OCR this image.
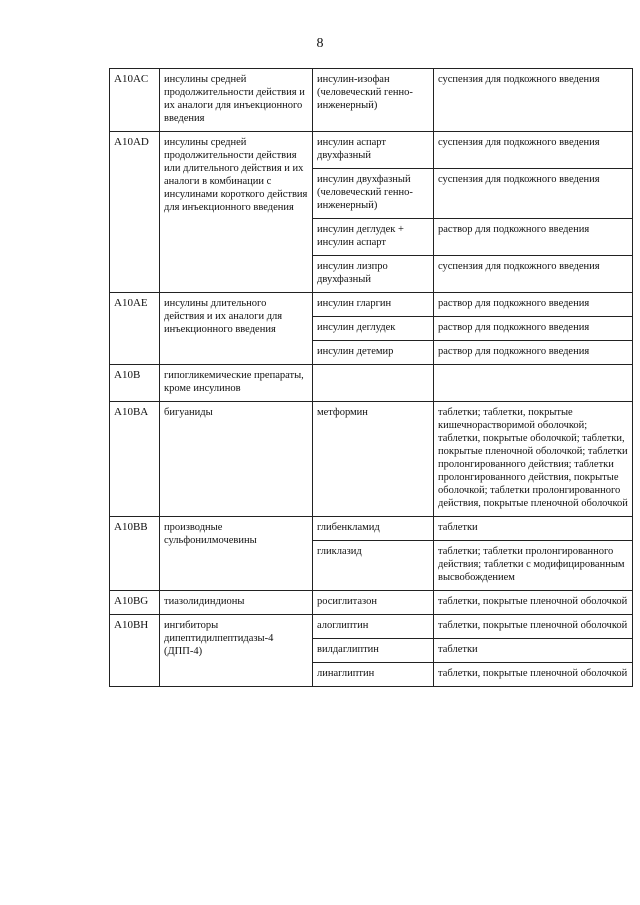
8
A10AC	инсулины средней продолжительности действия и их аналоги для инъекционного введения	инсулин-изофан (человеческий генно-инженерный)	суспензия для подкожного введения
A10AD	инсулины средней продолжительности действия или длительного действия и их аналоги в комбинации с инсулинами короткого действия для инъекционного введения	инсулин аспарт двухфазный	суспензия для подкожного введения
		инсулин двухфазный (человеческий генно-инженерный)	суспензия для подкожного введения
		инсулин деглудек + инсулин аспарт	раствор для подкожного введения
		инсулин лизпро двухфазный	суспензия для подкожного введения
A10AE	инсулины длительного действия и их аналоги для инъекционного введения	инсулин гларгин	раствор для подкожного введения
		инсулин деглудек	раствор для подкожного введения
		инсулин детемир	раствор для подкожного введения
A10B	гипогликемические препараты, кроме инсулинов		
A10BA	бигуаниды	метформин	таблетки; таблетки, покрытые кишечнорастворимой оболочкой; таблетки, покрытые оболочкой; таблетки, покрытые пленочной оболочкой; таблетки пролонгированного действия; таблетки пролонгированного действия, покрытые оболочкой; таблетки пролонгированного действия, покрытые пленочной оболочкой
A10BB	производные сульфонилмочевины	глибенкламид	таблетки
		гликлазид	таблетки; таблетки пролонгированного действия; таблетки с модифицированным высвобождением
A10BG	тиазолидиндионы	росиглитазон	таблетки, покрытые пленочной оболочкой
A10BH	ингибиторы дипептидилпептидазы-4 (ДПП-4)	алоглиптин	таблетки, покрытые пленочной оболочкой
		вилдаглиптин	таблетки
		линаглиптин	таблетки, покрытые пленочной оболочкой
